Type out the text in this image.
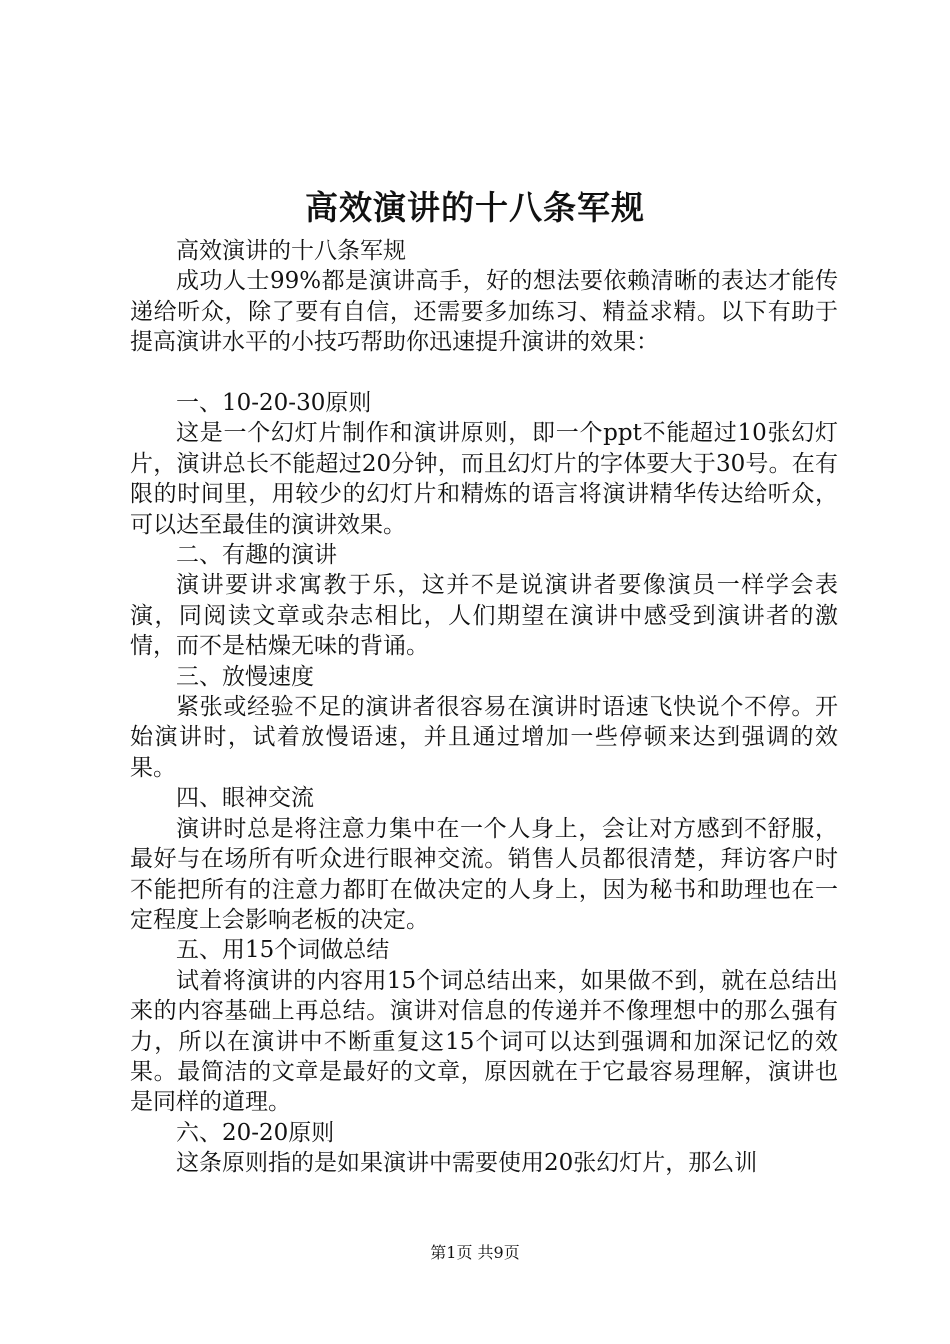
高效演讲的十八条军规

高效演讲的十八条军规

成功人士99%都是演讲高手，好的想法要依赖清晰的表达才能传递给听众，除了要有自信，还需要多加练习、精益求精。以下有助于提高演讲水平的小技巧帮助你迅速提升演讲的效果：

一、10-20-30原则

这是一个幻灯片制作和演讲原则，即一个ppt不能超过10张幻灯片，演讲总长不能超过20分钟，而且幻灯片的字体要大于30号。在有限的时间里，用较少的幻灯片和精炼的语言将演讲精华传达给听众，可以达至最佳的演讲效果。

二、有趣的演讲

演讲要讲求寓教于乐，这并不是说演讲者要像演员一样学会表演，同阅读文章或杂志相比，人们期望在演讲中感受到演讲者的激情，而不是枯燥无味的背诵。

三、放慢速度

紧张或经验不足的演讲者很容易在演讲时语速飞快说个不停。开始演讲时，试着放慢语速，并且通过增加一些停顿来达到强调的效果。

四、眼神交流

演讲时总是将注意力集中在一个人身上，会让对方感到不舒服，最好与在场所有听众进行眼神交流。销售人员都很清楚，拜访客户时不能把所有的注意力都盯在做决定的人身上，因为秘书和助理也在一定程度上会影响老板的决定。

五、用15个词做总结

试着将演讲的内容用15个词总结出来，如果做不到，就在总结出来的内容基础上再总结。演讲对信息的传递并不像理想中的那么强有力，所以在演讲中不断重复这15个词可以达到强调和加深记忆的效果。最简洁的文章是最好的文章，原因就在于它最容易理解，演讲也是同样的道理。

六、20-20原则

这条原则指的是如果演讲中需要使用20张幻灯片，那么训

第1页 共9页
